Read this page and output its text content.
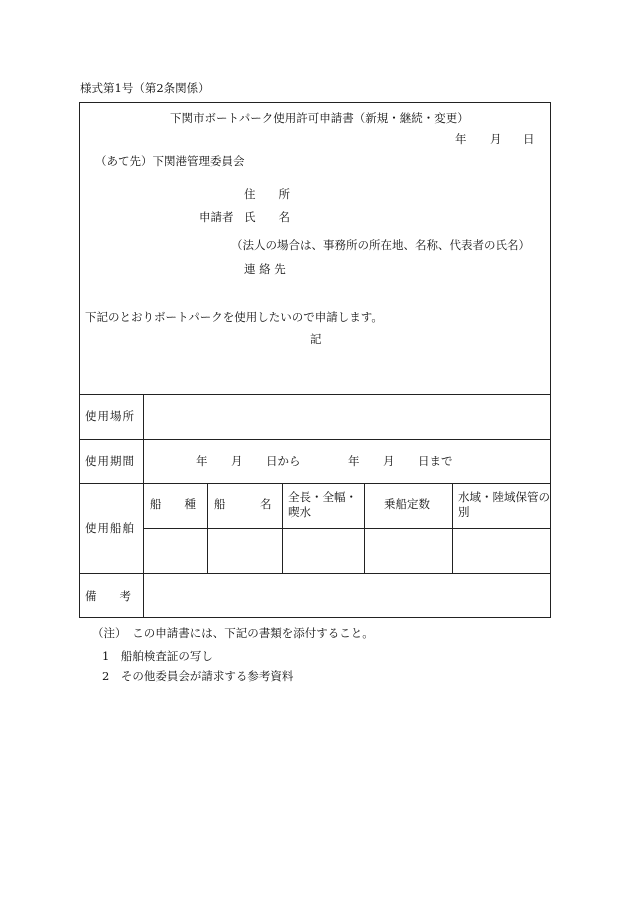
様式第1号（第2条関係）
下関市ボートパーク使用許可申請書（新規・継続・変更）
年 月 日
（あて先）下関港管理委員会
住　　所
申請者 氏　　名
（法人の場合は、事務所の所在地、名称、代表者の氏名）
連 絡 先
下記のとおりボートパークを使用したいので申請します。
記
使用場所
使用期間	年 月 日から	年 月 日まで
使用船舶
船　　種 船　　　名 全長・全幅・喫水
乗船定数 水域・陸域保管の別
備　　考
（注）　この申請書には、下記の書類を添付すること。
1　船舶検査証の写し
2　その他委員会が請求する参考資料
